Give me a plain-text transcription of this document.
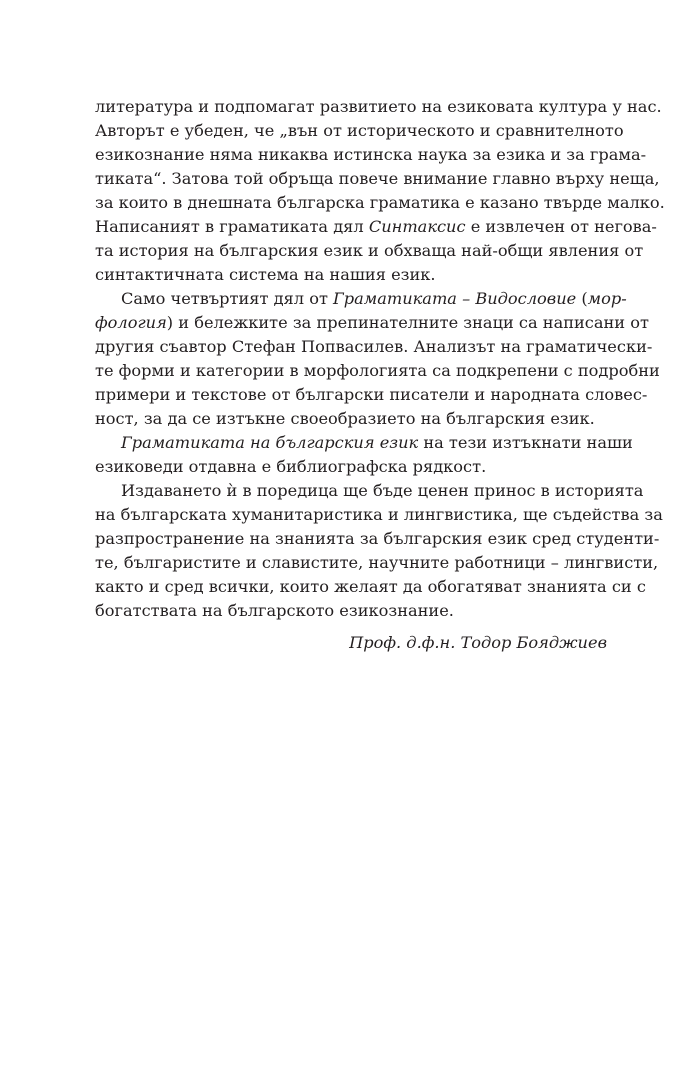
литература и подпомагат развитието на езиковата култура у нас.
Авторът е убеден, че „вън от историческото и сравнителното
езикознание няма никаква истинска наука за езика и за грама-
тиката“. Затова той обръща повече внимание главно върху неща,
за които в днешната българска граматика е казано твърде малко.
Написаният в граматиката дял Синтаксис е извлечен от негова-
та история на българския език и обхваща най-общи явления от
синтактичната система на нашия език.
Само четвъртият дял от Граматиката – Видословие (мор-
фология) и бележките за препинателните знаци са написани от
другия съавтор Стефан Попвасилев. Анализът на граматически-
те форми и категории в морфологията са подкрепени с подробни
примери и текстове от български писатели и народната словес-
ност, за да се изтъкне своеобразието на българския език.
Граматиката на българския език на тези изтъкнати наши
езиковеди отдавна е библиографска рядкост.
Издаването ѝ в поредица ще бъде ценен принос в историята
на българската хуманитаристика и лингвистика, ще съдейства за
разпространение на знанията за българския език сред студенти-
те, българистите и славистите, научните работници – лингвисти,
както и сред всички, които желаят да обогатяват знанията си с
богатствата на българското езикознание.
Проф. д.ф.н. Тодор Бояджиев
